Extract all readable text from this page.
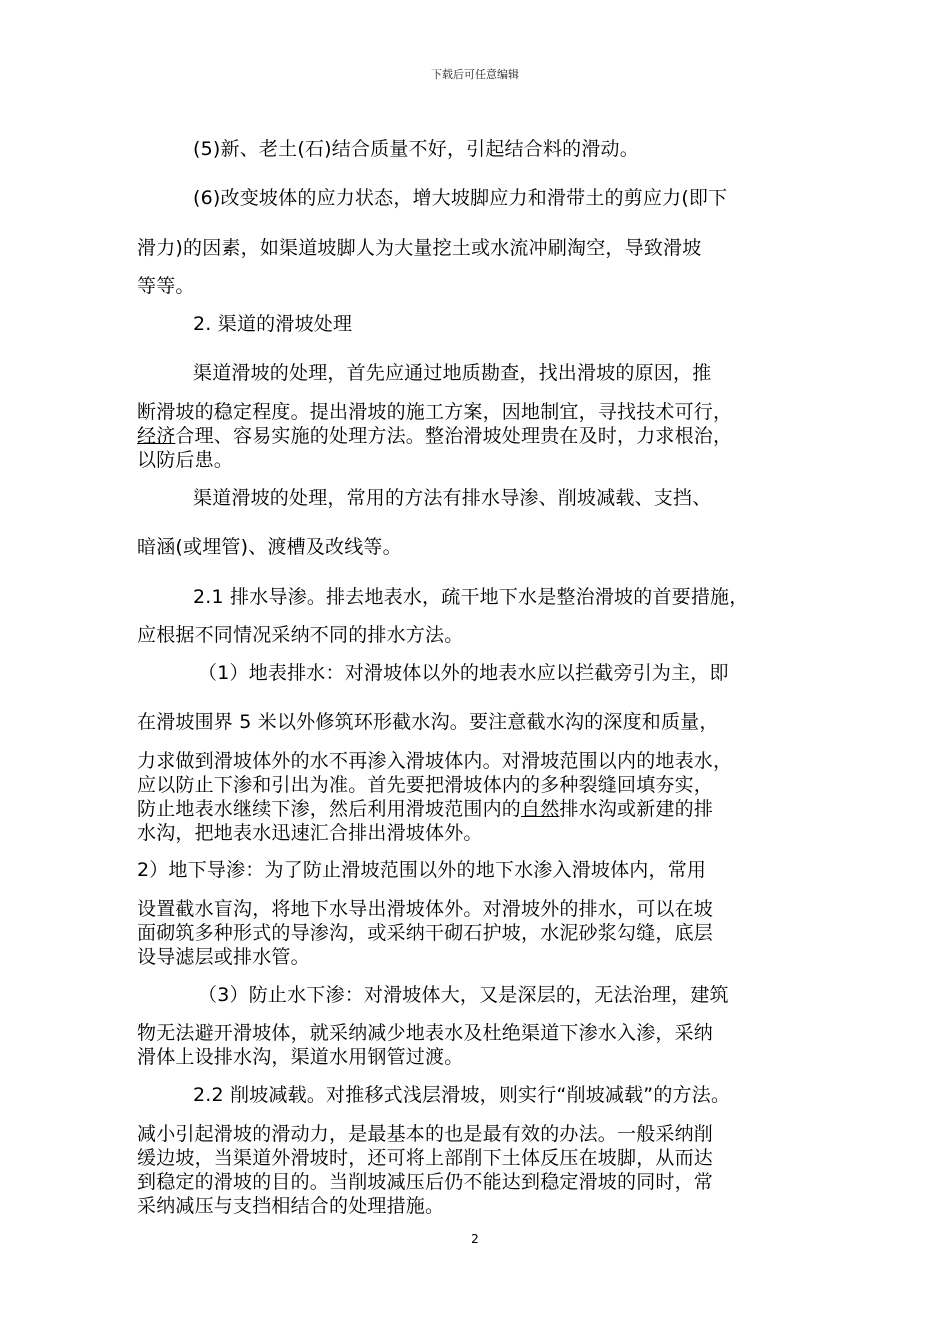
下载后可任意编辑
(5)新、老土(石)结合质量不好，引起结合料的滑动。
(6)改变坡体的应力状态，增大坡脚应力和滑带土的剪应力(即下
滑力)的因素，如渠道坡脚人为大量挖土或水流冲刷淘空，导致滑坡
等等。
2. 渠道的滑坡处理
渠道滑坡的处理，首先应通过地质勘查，找出滑坡的原因，推
断滑坡的稳定程度。提出滑坡的施工方案，因地制宜，寻找技术可行，
经济合理、容易实施的处理方法。整治滑坡处理贵在及时，力求根治，
以防后患。
渠道滑坡的处理，常用的方法有排水导渗、削坡减载、支挡、
暗涵(或埋管)、渡槽及改线等。
2.1 排水导渗。排去地表水，疏干地下水是整治滑坡的首要措施，
应根据不同情况采纳不同的排水方法。
（1）地表排水：对滑坡体以外的地表水应以拦截旁引为主，即
在滑坡围界 5 米以外修筑环形截水沟。要注意截水沟的深度和质量，
力求做到滑坡体外的水不再渗入滑坡体内。对滑坡范围以内的地表水，
应以防止下渗和引出为准。首先要把滑坡体内的多种裂缝回填夯实，
防止地表水继续下渗，然后利用滑坡范围内的自然排水沟或新建的排
水沟，把地表水迅速汇合排出滑坡体外。
2）地下导渗：为了防止滑坡范围以外的地下水渗入滑坡体内，常用
设置截水盲沟，将地下水导出滑坡体外。对滑坡外的排水，可以在坡
面砌筑多种形式的导渗沟，或采纳干砌石护坡，水泥砂浆勾缝，底层
设导滤层或排水管。
（3）防止水下渗：对滑坡体大，又是深层的，无法治理，建筑
物无法避开滑坡体，就采纳减少地表水及杜绝渠道下渗水入渗，采纳
滑体上设排水沟，渠道水用钢管过渡。
2.2 削坡减载。对推移式浅层滑坡，则实行“削坡减载”的方法。
减小引起滑坡的滑动力，是最基本的也是最有效的办法。一般采纳削
缓边坡，当渠道外滑坡时，还可将上部削下土体反压在坡脚，从而达
到稳定的滑坡的目的。当削坡减压后仍不能达到稳定滑坡的同时，常
采纳减压与支挡相结合的处理措施。
2
